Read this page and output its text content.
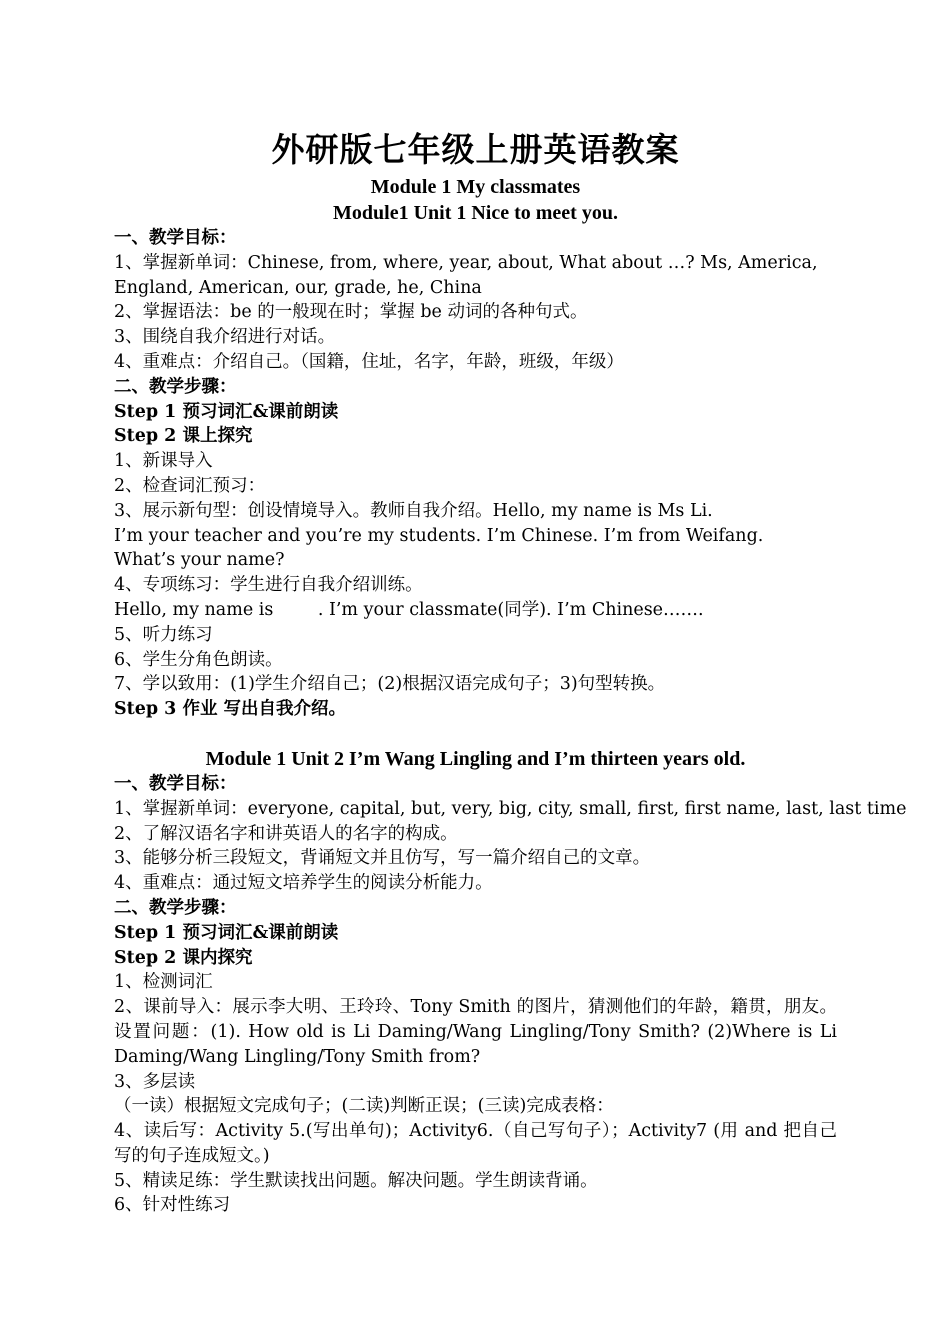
外研版七年级上册英语教案

Module 1 My classmates

Module1 Unit 1 Nice to meet you.

一、教学目标：

1、掌握新单词：Chinese, from, where, year, about, What about …? Ms, America,

England, American, our, grade, he, China

2、掌握语法：be 的一般现在时；掌握 be 动词的各种句式。

3、围绕自我介绍进行对话。

4、重难点：介绍自己。（国籍，住址，名字，年龄，班级，年级）

二、教学步骤：

Step 1 预习词汇&课前朗读

Step 2 课上探究

1、新课导入

2、检查词汇预习：

3、展示新句型：创设情境导入。教师自我介绍。Hello, my name is Ms Li.

I’m your teacher and you’re my students. I’m Chinese. I’m from Weifang.

What’s your name?

4、专项练习：学生进行自我介绍训练。

Hello, my name is        . I’m your classmate(同学). I’m Chinese…….

5、听力练习

6、学生分角色朗读。

7、学以致用：(1)学生介绍自己；(2)根据汉语完成句子；3)句型转换。

Step 3 作业 写出自我介绍。

Module 1 Unit 2 I’m Wang Lingling and I’m thirteen years old.

一、教学目标：

1、掌握新单词：everyone, capital, but, very, big, city, small, first, first name, last, last time

2、了解汉语名字和讲英语人的名字的构成。

3、能够分析三段短文，背诵短文并且仿写，写一篇介绍自己的文章。

4、重难点：通过短文培养学生的阅读分析能力。

二、教学步骤：

Step 1 预习词汇&课前朗读

Step 2 课内探究

1、检测词汇

2、课前导入：展示李大明、王玲玲、Tony Smith 的图片，猜测他们的年龄，籍贯，朋友。设置问题：(1). How old is Li Daming/Wang Lingling/Tony Smith? (2)Where is Li Daming/Wang Lingling/Tony Smith from?

3、多层读

（一读）根据短文完成句子；(二读)判断正误；(三读)完成表格：

4、读后写：Activity 5.(写出单句)；Activity6.（自己写句子）；Activity7 (用 and 把自己写的句子连成短文。)

5、精读足练：学生默读找出问题。解决问题。学生朗读背诵。

6、针对性练习
